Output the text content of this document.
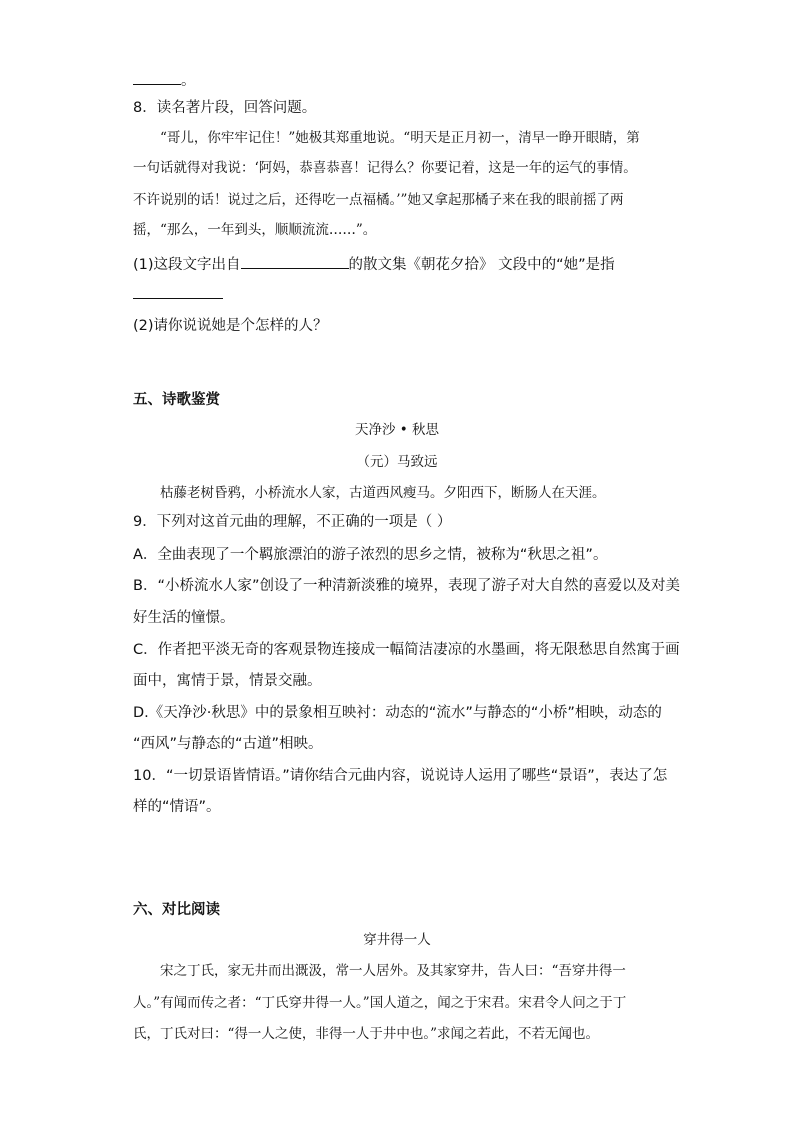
。
8．读名著片段，回答问题。
“哥儿，你牢牢记住！”她极其郑重地说。“明天是正月初一，清早一睁开眼睛，第
一句话就得对我说：‘阿妈，恭喜恭喜！记得么？你要记着，这是一年的运气的事情。
不许说别的话！说过之后，还得吃一点福橘。’”她又拿起那橘子来在我的眼前摇了两
摇，“那么，一年到头，顺顺流流……”。
(1)这段文字出自	的散文集《朝花夕拾》 文段中的“她”是指
(2)请你说说她是个怎样的人？
五、诗歌鉴赏
天净沙 • 秋思
（元）马致远
枯藤老树昏鸦，小桥流水人家，古道西风瘦马。夕阳西下，断肠人在天涯。
9．下列对这首元曲的理解，不正确的一项是（ ）
A．全曲表现了一个羁旅漂泊的游子浓烈的思乡之情，被称为“秋思之祖”。
B．“小桥流水人家”创设了一种清新淡雅的境界，表现了游子对大自然的喜爱以及对美
好生活的憧憬。
C．作者把平淡无奇的客观景物连接成一幅简洁凄凉的水墨画，将无限愁思自然寓于画
面中，寓情于景，情景交融。
D.《天净沙·秋思》中的景象相互映衬：动态的“流水”与静态的“小桥”相映，动态的
“西风”与静态的“古道”相映。
10．“一切景语皆情语。”请你结合元曲内容，说说诗人运用了哪些“景语”，表达了怎
样的“情语”。
六、对比阅读
穿井得一人
宋之丁氏，家无井而出溉汲，常一人居外。及其家穿井，告人曰：“吾穿井得一
人。”有闻而传之者：“丁氏穿井得一人。”国人道之，闻之于宋君。宋君令人问之于丁
氏，丁氏对曰：“得一人之使，非得一人于井中也。”求闻之若此，不若无闻也。
